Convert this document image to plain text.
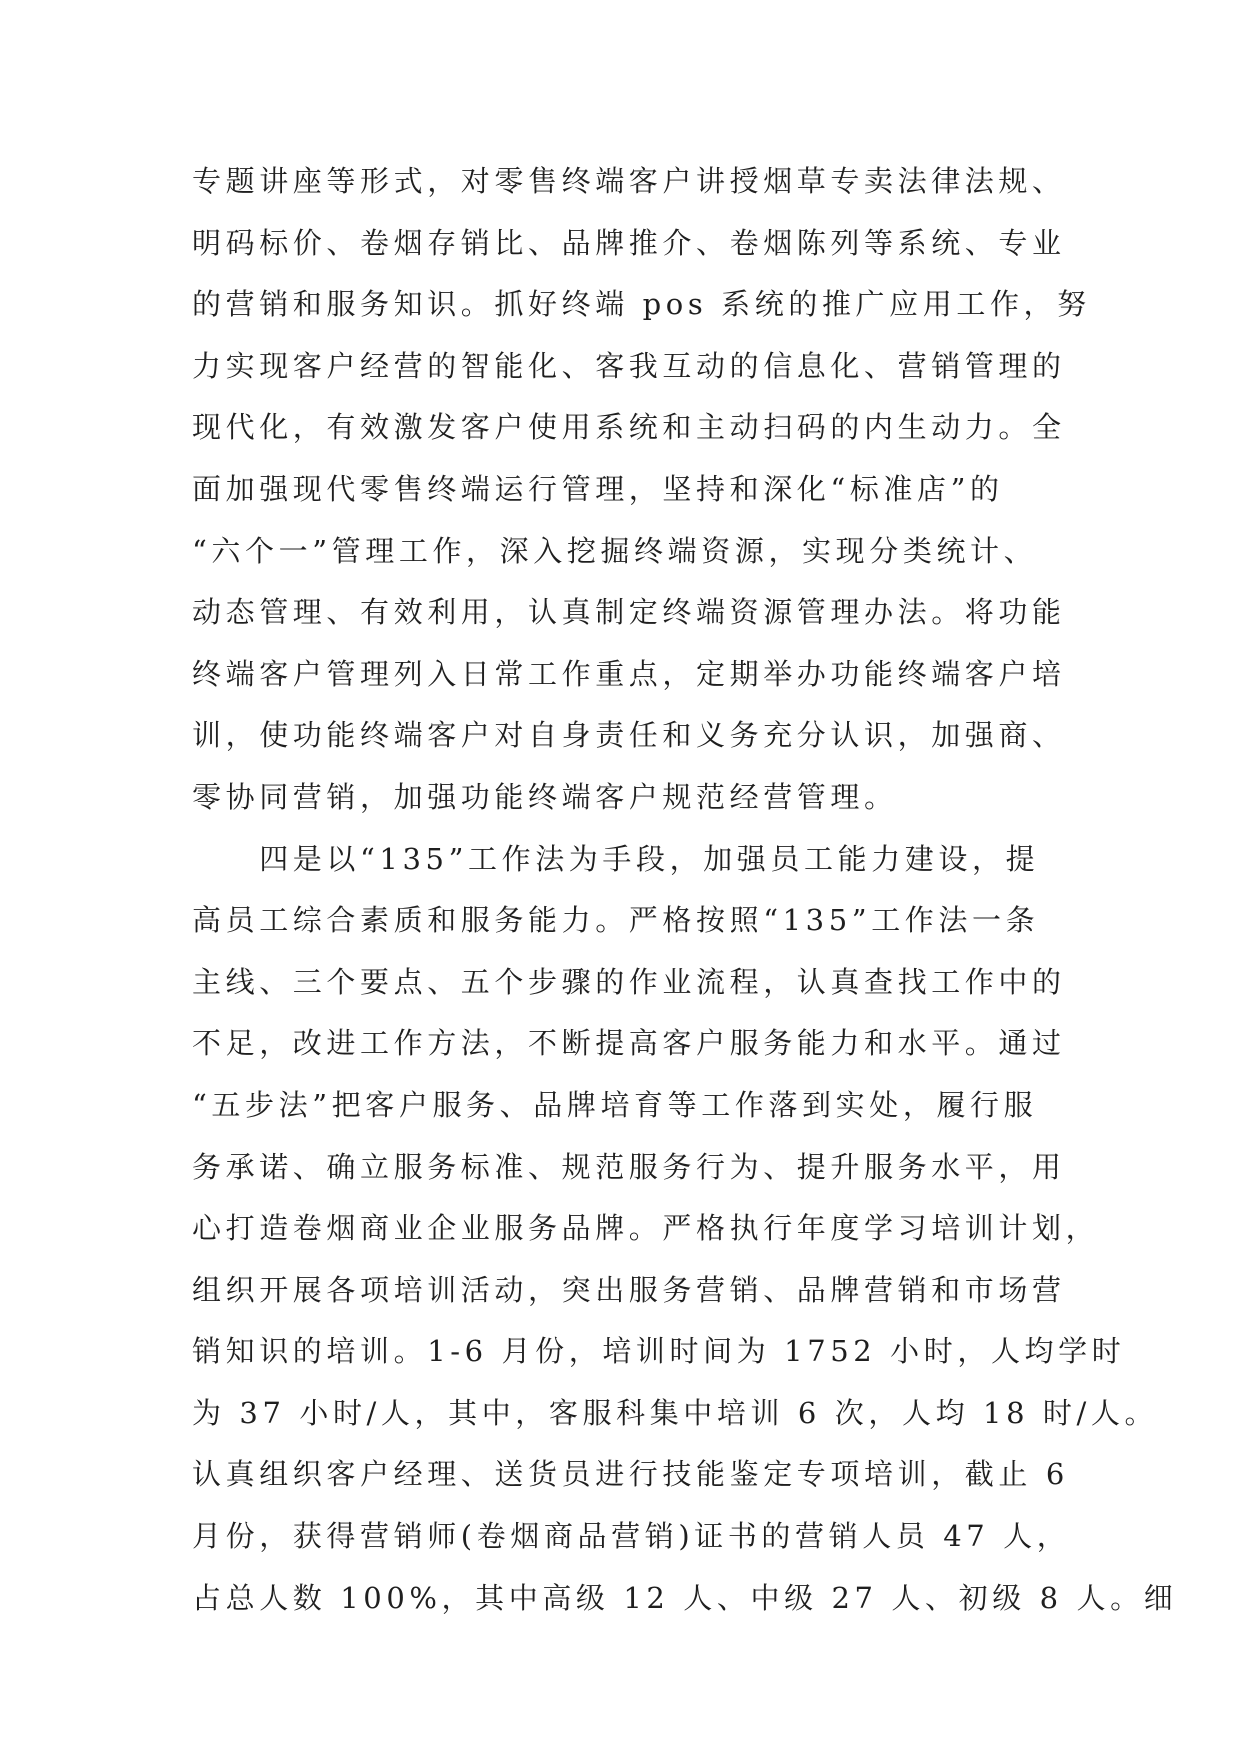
专题讲座等形式，对零售终端客户讲授烟草专卖法律法规、
明码标价、卷烟存销比、品牌推介、卷烟陈列等系统、专业
的营销和服务知识。抓好终端 pos 系统的推广应用工作，努
力实现客户经营的智能化、客我互动的信息化、营销管理的
现代化，有效激发客户使用系统和主动扫码的内生动力。全
面加强现代零售终端运行管理，坚持和深化“标准店”的
“六个一”管理工作，深入挖掘终端资源，实现分类统计、
动态管理、有效利用，认真制定终端资源管理办法。将功能
终端客户管理列入日常工作重点，定期举办功能终端客户培
训，使功能终端客户对自身责任和义务充分认识，加强商、
零协同营销，加强功能终端客户规范经营管理。
　　四是以“135”工作法为手段，加强员工能力建设，提
高员工综合素质和服务能力。严格按照“135”工作法一条
主线、三个要点、五个步骤的作业流程，认真查找工作中的
不足，改进工作方法，不断提高客户服务能力和水平。通过
“五步法”把客户服务、品牌培育等工作落到实处，履行服
务承诺、确立服务标准、规范服务行为、提升服务水平，用
心打造卷烟商业企业服务品牌。严格执行年度学习培训计划，
组织开展各项培训活动，突出服务营销、品牌营销和市场营
销知识的培训。1-6 月份，培训时间为 1752 小时，人均学时
为 37 小时/人，其中，客服科集中培训 6 次，人均 18 时/人。
认真组织客户经理、送货员进行技能鉴定专项培训，截止 6
月份，获得营销师(卷烟商品营销)证书的营销人员 47 人，
占总人数 100%，其中高级 12 人、中级 27 人、初级 8 人。细
